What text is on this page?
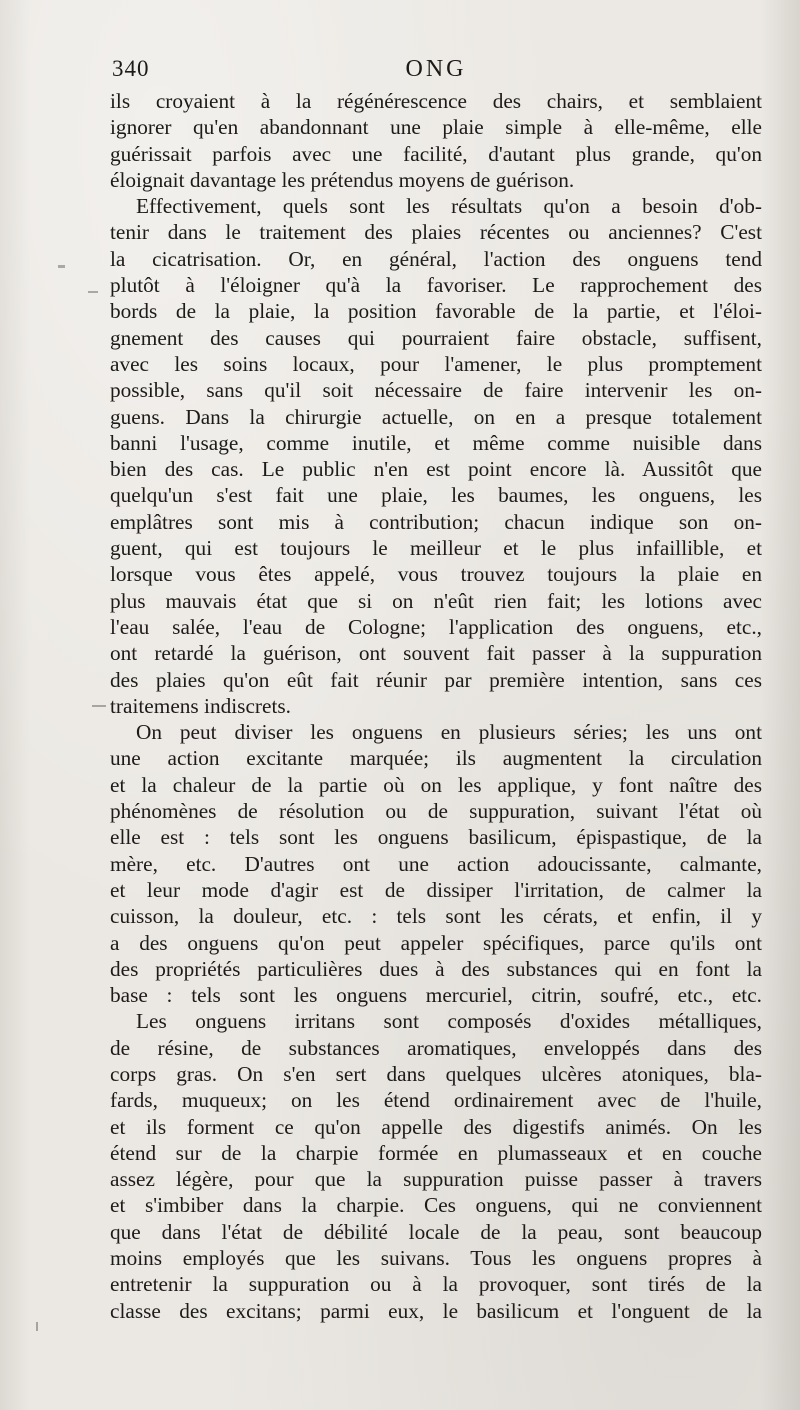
340	ONG
ils croyaient à la régénérescence des chairs, et semblaient
ignorer qu'en abandonnant une plaie simple à elle-même, elle
guérissait parfois avec une facilité, d'autant plus grande, qu'on
éloignait davantage les prétendus moyens de guérison.
Effectivement, quels sont les résultats qu'on a besoin d'ob-
tenir dans le traitement des plaies récentes ou anciennes? C'est
la cicatrisation. Or, en général, l'action des onguens tend
plutôt à l'éloigner qu'à la favoriser. Le rapprochement des
bords de la plaie, la position favorable de la partie, et l'éloi-
gnement des causes qui pourraient faire obstacle, suffisent,
avec les soins locaux, pour l'amener, le plus promptement
possible, sans qu'il soit nécessaire de faire intervenir les on-
guens. Dans la chirurgie actuelle, on en a presque totalement
banni l'usage, comme inutile, et même comme nuisible dans
bien des cas. Le public n'en est point encore là. Aussitôt que
quelqu'un s'est fait une plaie, les baumes, les onguens, les
emplâtres sont mis à contribution; chacun indique son on-
guent, qui est toujours le meilleur et le plus infaillible, et
lorsque vous êtes appelé, vous trouvez toujours la plaie en
plus mauvais état que si on n'eût rien fait; les lotions avec
l'eau salée, l'eau de Cologne; l'application des onguens, etc.,
ont retardé la guérison, ont souvent fait passer à la suppuration
des plaies qu'on eût fait réunir par première intention, sans ces
traitemens indiscrets.
On peut diviser les onguens en plusieurs séries; les uns ont
une action excitante marquée; ils augmentent la circulation
et la chaleur de la partie où on les applique, y font naître des
phénomènes de résolution ou de suppuration, suivant l'état où
elle est : tels sont les onguens basilicum, épispastique, de la
mère, etc. D'autres ont une action adoucissante, calmante,
et leur mode d'agir est de dissiper l'irritation, de calmer la
cuisson, la douleur, etc. : tels sont les cérats, et enfin, il y
a des onguens qu'on peut appeler spécifiques, parce qu'ils ont
des propriétés particulières dues à des substances qui en font la
base : tels sont les onguens mercuriel, citrin, soufré, etc., etc.
Les onguens irritans sont composés d'oxides métalliques,
de résine, de substances aromatiques, enveloppés dans des
corps gras. On s'en sert dans quelques ulcères atoniques, bla-
fards, muqueux; on les étend ordinairement avec de l'huile,
et ils forment ce qu'on appelle des digestifs animés. On les
étend sur de la charpie formée en plumasseaux et en couche
assez légère, pour que la suppuration puisse passer à travers
et s'imbiber dans la charpie. Ces onguens, qui ne conviennent
que dans l'état de débilité locale de la peau, sont beaucoup
moins employés que les suivans. Tous les onguens propres à
entretenir la suppuration ou à la provoquer, sont tirés de la
classe des excitans; parmi eux, le basilicum et l'onguent de la
